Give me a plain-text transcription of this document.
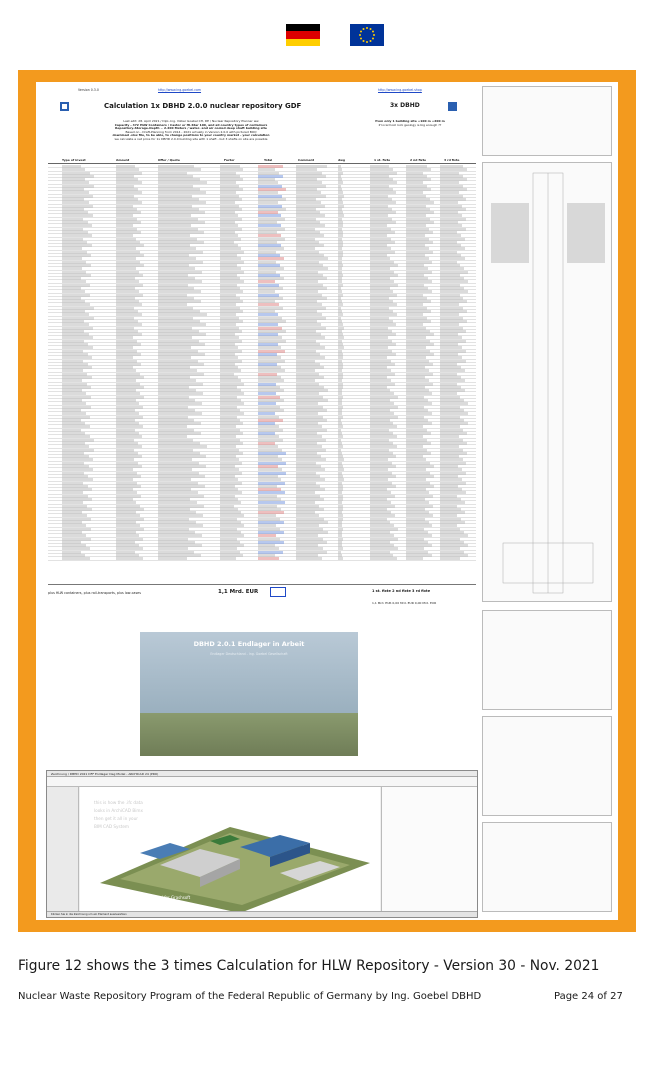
Version 0.3.0	http://www.ing-goebel.com	http://www.ing-goebel.shop
Calculation 1x DBHD 2.0.0 nuclear repository GDF	3x DBHD
Last edit: 28. April 2021 / Dipl.-Ing. Volker Goebel CH, DE / Nuclear Repository Planner ww
Capacity - 472 HLW Containers / Castor or HI-Star 100, and all country types of containers
Repository-Storage-Depth ~ 2.200 Meters / water- and air cooled deep shaft building site
Based on - Draft-Planning from 2014 - 2021 actually in Version 2.0.0 with pictured BOQ
download .xlsx file, to be able, to change positions to your country market - your calculation
we calculate a net price for 1x DBHD 2.0.0 building site with 1 shaft - but 3 shafts on site are possible
from only 1 building site +100 m +200 m
if local host rock geology is big enough ??
Type of invest	Amount	Offer / Quote	Factor	Total	Comment	dwg	1 st. fixte	2 nd fixte	3 rd fixte
plus HLW containers, plus rail-transports, plus low-cases	1,1 Mrd. EUR	1 st. fixte 2 nd fixte 3 rd fixte
1,1 Mrd. EUR 0,00 Mrd. EUR 0,00 Mrd. EUR
DBHD 2.0.1 Endlager in Arbeit
Endlager Deutschland - Ing. Goebel Gesellschaft
Zeichnung / DBHD 2021 DFF Endlager Deg Model - ARCHICAD 24 (PRO)
this is how the .ifc data
looks in ArchiCAD Bimx
then get it all in your
BIM CAD System
Ing. Goebel for Grashsoft
Klicken Sie in die Zeichnung um ein Element auszuwahlen
Figure 12 shows the 3 times Calculation for HLW Repository - Version 30 - Nov. 2021
Nuclear Waste Repository Program of the Federal Republic of Germany by Ing. Goebel DBHD	Page 24 of 27
